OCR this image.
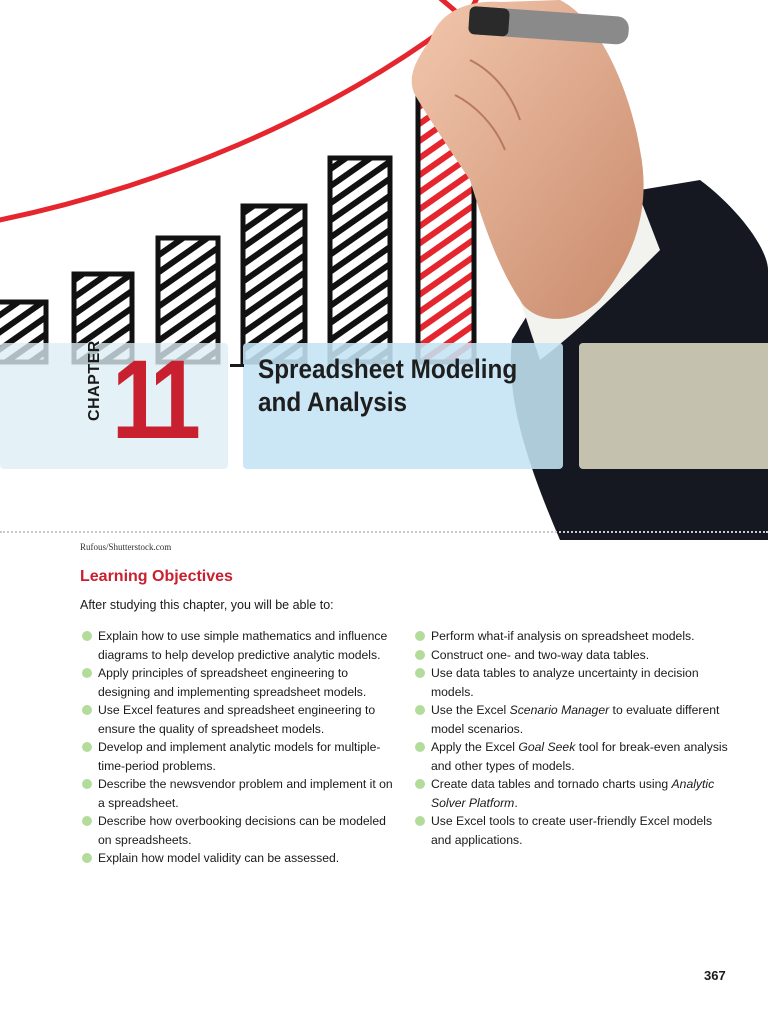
CHAPTER 11 Spreadsheet Modeling
and Analysis
Rufous/Shutterstock.com
Learning Objectives

After studying this chapter, you will be able to:

Explain how to use simple mathematics and influence diagrams to help develop predictive analytic models.
Apply principles of spreadsheet engineering to designing and implementing spreadsheet models.
Use Excel features and spreadsheet engineering to ensure the quality of spreadsheet models.
Develop and implement analytic models for multiple-time-period problems.
Describe the newsvendor problem and implement it on a spreadsheet.
Describe how overbooking decisions can be modeled on spreadsheets.
Explain how model validity can be assessed.
Perform what-if analysis on spreadsheet models.
Construct one- and two-way data tables.
Use data tables to analyze uncertainty in decision models.
Use the Excel Scenario Manager to evaluate different model scenarios.
Apply the Excel Goal Seek tool for break-even analysis and other types of models.
Create data tables and tornado charts using Analytic Solver Platform.
Use Excel tools to create user-friendly Excel models and applications.
367
